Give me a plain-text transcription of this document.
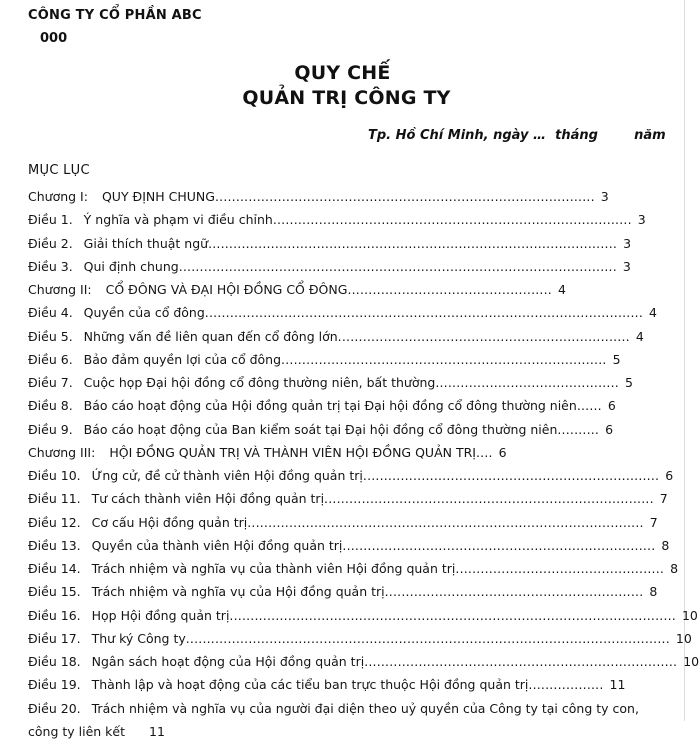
CÔNG TY CỔ PHẦN ABC
000
QUY CHẾ
QUẢN TRỊ CÔNG TY
Tp. Hồ Chí Minh, ngày …  tháng        năm
MỤC LỤC
Chương I: QUY ĐỊNH CHUNG........................................................................................... 3
Điều 1. Ý nghĩa và phạm vi điều chỉnh...................................................................................... 3
Điều 2. Giải thích thuật ngữ.................................................................................................. 3
Điều 3. Qui định chung......................................................................................................... 3
Chương II: CỔ ĐÔNG VÀ ĐẠI HỘI ĐỒNG CỔ ĐÔNG................................................. 4
Điều 4. Quyền của cổ đông......................................................................................................... 4
Điều 5. Những vấn đề liên quan đến cổ đông lớn...................................................................... 4
Điều 6. Bảo đảm quyền lợi của cổ đông.............................................................................. 5
Điều 7. Cuộc họp Đại hội đồng cổ đông thường niên, bất thường............................................ 5
Điều 8. Báo cáo hoạt động của Hội đồng quản trị tại Đại hội đồng cổ đông thường niên...... 6
Điều 9. Báo cáo hoạt động của Ban kiểm soát tại Đại hội đồng cổ đông thường niên.......... 6
Chương III: HỘI ĐỒNG QUẢN TRỊ VÀ THÀNH VIÊN HỘI ĐỒNG QUẢN TRỊ.... 6
Điều 10. Ứng cử, đề cử thành viên Hội đồng quản trị....................................................................... 6
Điều 11. Tư cách thành viên Hội đồng quản trị............................................................................... 7
Điều 12. Cơ cấu Hội đồng quản trị............................................................................................... 7
Điều 13. Quyền của thành viên Hội đồng quản trị........................................................................... 8
Điều 14. Trách nhiệm và nghĩa vụ của thành viên Hội đồng quản trị.................................................. 8
Điều 15. Trách nhiệm và nghĩa vụ của Hội đồng quản trị.............................................................. 8
Điều 16. Họp Hội đồng quản trị........................................................................................................... 10
Điều 17. Thư ký Công ty.................................................................................................................... 10
Điều 18. Ngân sách hoạt động của Hội đồng quản trị........................................................................... 10
Điều 19. Thành lập và hoạt động của các tiểu ban trực thuộc Hội đồng quản trị.................. 11
Điều 20. Trách nhiệm và nghĩa vụ của người đại diện theo uỷ quyền của Công ty tại công ty con,
công ty liên kết 11
